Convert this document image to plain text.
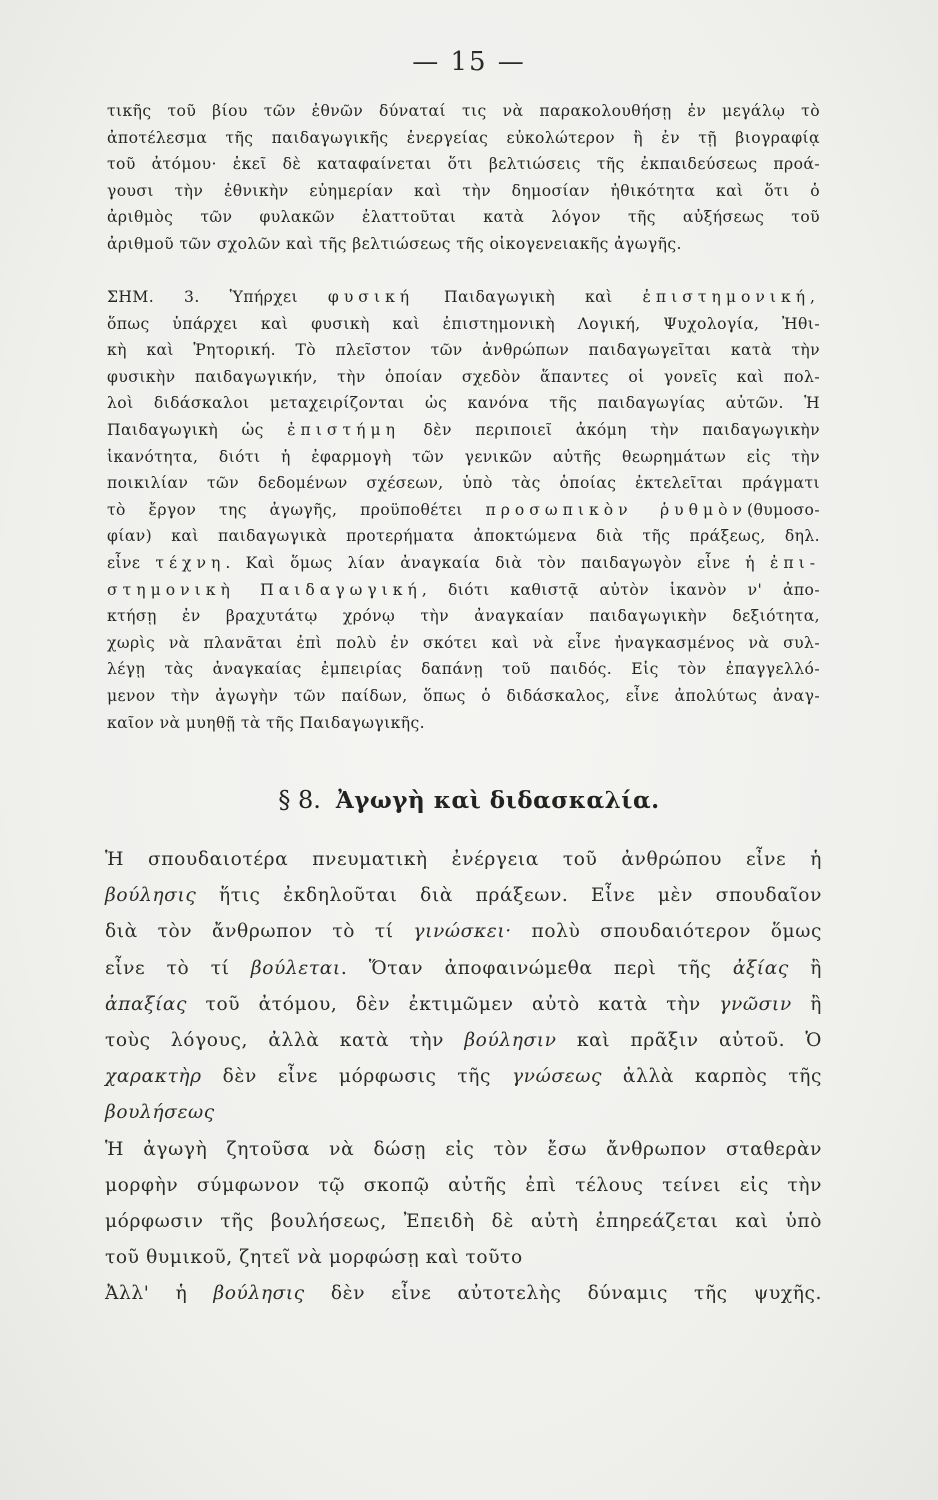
— 15 —
τικῆς τοῦ βίου τῶν ἐθνῶν δύναταί τις νὰ παρακολουθήσῃ ἐν μεγάλῳ τὸ
ἀποτέλεσμα τῆς παιδαγωγικῆς ἐνεργείας εὐκολώτερον ἢ ἐν τῇ βιογραφίᾳ
τοῦ ἀτόμου· ἐκεῖ δὲ καταφαίνεται ὅτι βελτιώσεις τῆς ἐκπαιδεύσεως προά-
γουσι τὴν ἐθνικὴν εὐημερίαν καὶ τὴν δημοσίαν ἠθικότητα καὶ ὅτι ὁ
ἀριθμὸς τῶν φυλακῶν ἐλαττοῦται κατὰ λόγον τῆς αὐξήσεως τοῦ
ἀριθμοῦ τῶν σχολῶν καὶ τῆς βελτιώσεως τῆς οἰκογενειακῆς ἀγωγῆς.
ΣΗΜ. 3. Ὑπήρχει φυσική Παιδαγωγικὴ καὶ ἐπιστημονική,
ὅπως ὑπάρχει καὶ φυσικὴ καὶ ἐπιστημονικὴ Λογική, Ψυχολογία, Ἠθι-
κὴ καὶ Ῥητορική. Τὸ πλεῖστον τῶν ἀνθρώπων παιδαγωγεῖται κατὰ τὴν
φυσικὴν παιδαγωγικήν, τὴν ὁποίαν σχεδὸν ἅπαντες οἱ γονεῖς καὶ πολ-
λοὶ διδάσκαλοι μεταχειρίζονται ὡς κανόνα τῆς παιδαγωγίας αὐτῶν. Ἡ
Παιδαγωγικὴ ὡς ἐπιστήμη δὲν περιποιεῖ ἀκόμη τὴν παιδαγωγικὴν
ἱκανότητα, διότι ἡ ἐφαρμογὴ τῶν γενικῶν αὐτῆς θεωρημάτων εἰς τὴν
ποικιλίαν τῶν δεδομένων σχέσεων, ὑπὸ τὰς ὁποίας ἐκτελεῖται πράγματι
τὸ ἔργον της ἀγωγῆς, προϋποθέτει προσωπικὸν ῥυθμὸν(θυμοσο-
φίαν) καὶ παιδαγωγικὰ προτερήματα ἀποκτώμενα διὰ τῆς πράξεως, δηλ.
εἶνε τέχνη. Καὶ ὅμως λίαν ἀναγκαία διὰ τὸν παιδαγωγὸν εἶνε ἡ ἐπι-
στημονικὴ Παιδαγωγική, διότι καθιστᾷ αὐτὸν ἱκανὸν ν' ἀπο-
κτήσῃ ἐν βραχυτάτῳ χρόνῳ τὴν ἀναγκαίαν παιδαγωγικὴν δεξιότητα,
χωρὶς νὰ πλανᾶται ἐπὶ πολὺ ἐν σκότει καὶ νὰ εἶνε ἠναγκασμένος νὰ συλ-
λέγῃ τὰς ἀναγκαίας ἐμπειρίας δαπάνῃ τοῦ παιδός. Εἰς τὸν ἐπαγγελλό-
μενον τὴν ἀγωγὴν τῶν παίδων, ὅπως ὁ διδάσκαλος, εἶνε ἀπολύτως ἀναγ-
καῖον νὰ μυηθῇ τὰ τῆς Παιδαγωγικῆς.
§ 8. Ἀγωγὴ καὶ διδασκαλία.
Ἡ σπουδαιοτέρα πνευματικὴ ἐνέργεια τοῦ ἀνθρώπου εἶνε ἡ
βούλησις ἥτις ἐκδηλοῦται διὰ πράξεων. Εἶνε μὲν σπουδαῖον
διὰ τὸν ἄνθρωπον τὸ τί γινώσκει· πολὺ σπουδαιότερον ὅμως
εἶνε τὸ τί βούλεται. Ὅταν ἀποφαινώμεθα περὶ τῆς ἀξίας ἢ
ἀπαξίας τοῦ ἀτόμου, δὲν ἐκτιμῶμεν αὐτὸ κατὰ τὴν γνῶσιν ἢ
τοὺς λόγους, ἀλλὰ κατὰ τὴν βούλησιν καὶ πρᾶξιν αὐτοῦ. Ὁ
χαρακτὴρ δὲν εἶνε μόρφωσις τῆς γνώσεως ἀλλὰ καρπὸς τῆς
βουλήσεως
Ἡ ἀγωγὴ ζητοῦσα νὰ δώσῃ εἰς τὸν ἔσω ἄνθρωπον σταθερὰν
μορφὴν σύμφωνον τῷ σκοπῷ αὐτῆς ἐπὶ τέλους τείνει εἰς τὴν
μόρφωσιν τῆς βουλήσεως, Ἐπειδὴ δὲ αὐτὴ ἐπηρεάζεται καὶ ὑπὸ
τοῦ θυμικοῦ, ζητεῖ νὰ μορφώσῃ καὶ τοῦτο
Ἀλλ' ἡ βούλησις δὲν εἶνε αὐτοτελὴς δύναμις τῆς ψυχῆς.
